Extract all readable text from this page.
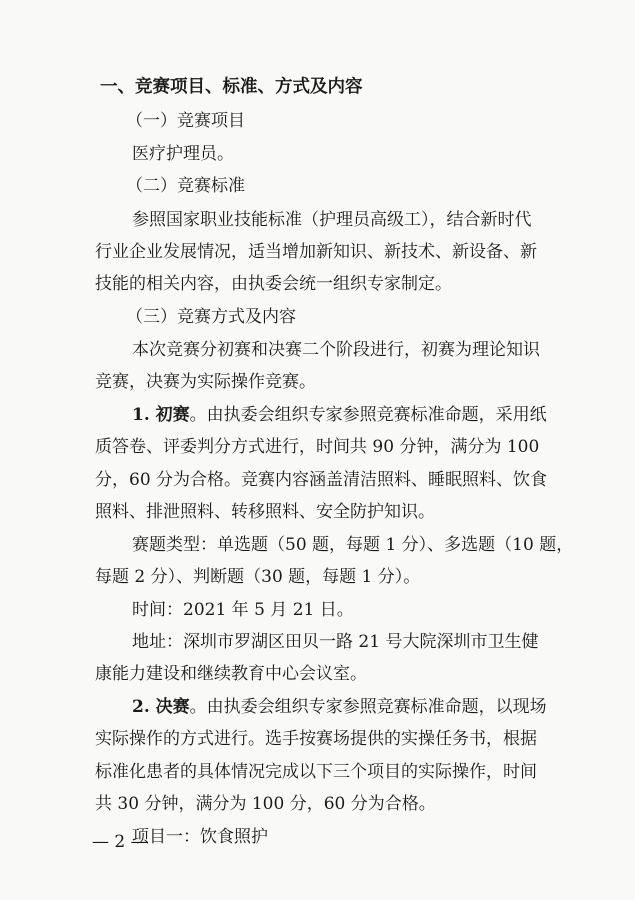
一、竞赛项目、标准、方式及内容
（一）竞赛项目
医疗护理员。
（二）竞赛标准
参照国家职业技能标准（护理员高级工），结合新时代
行业企业发展情况，适当增加新知识、新技术、新设备、新
技能的相关内容，由执委会统一组织专家制定。
（三）竞赛方式及内容
本次竞赛分初赛和决赛二个阶段进行，初赛为理论知识
竞赛，决赛为实际操作竞赛。
1. 初赛。由执委会组织专家参照竞赛标准命题，采用纸
质答卷、评委判分方式进行，时间共 90 分钟，满分为 100
分，60 分为合格。竞赛内容涵盖清洁照料、睡眠照料、饮食
照料、排泄照料、转移照料、安全防护知识。
赛题类型：单选题（50 题，每题 1 分）、多选题（10 题，
每题 2 分）、判断题（30 题，每题 1 分）。
时间：2021 年 5 月 21 日。
地址：深圳市罗湖区田贝一路 21 号大院深圳市卫生健
康能力建设和继续教育中心会议室。
2. 决赛。由执委会组织专家参照竞赛标准命题，以现场
实际操作的方式进行。选手按赛场提供的实操任务书，根据
标准化患者的具体情况完成以下三个项目的实际操作，时间
共 30 分钟，满分为 100 分，60 分为合格。
项目一：饮食照护
— 2 —
